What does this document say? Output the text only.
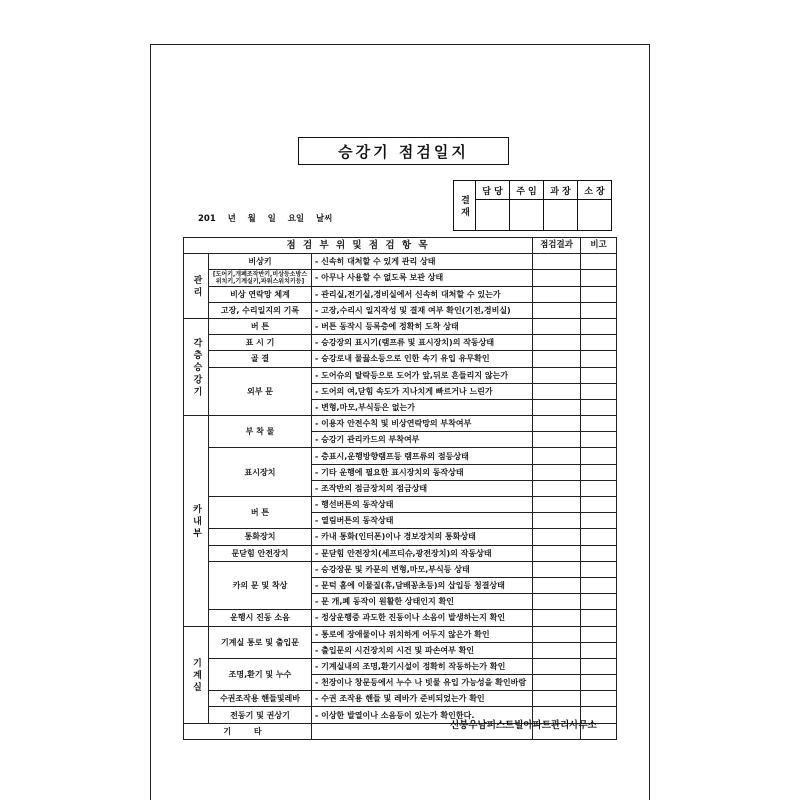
승강기 점검일지
결 재	담 당	주 임	과 장	소 장

201    년    월    일    요일    날씨
점 검 부 위 및 점 검 항 목			점검결과	비고
관 리	비상키	- 신속히 대처할 수 있게 관리 상태		
	[도어키,개폐조작반키,비상등소방스위치키,기계실키,파워스위치키등]	- 아무나 사용할 수 없도록 보관 상태		
	비상 연락망 체계	- 관리실,전기실,경비실에서 신속히 대처할 수 있는가		
	고장, 수리일지의 기록	- 고장,수리시 일지작성 및 결재 여부 확인(기전,경비실)		
각 층 승 강 기	버 튼	- 버튼 동작시 등록층에 정확히 도착 상태		
	표 시 기	- 승강장의 표시기(램프류 및 표시장치)의 작동상태		
	골 결	- 승강로내 물끓소등으로 인한 속기 유입 유무확인		
	외부 문	- 도어슈의 탈락등으로 도어가 앞,뒤로 흔들리지 않는가		
		- 도어의 여,닫힘 속도가 지나치게 빠르거나 느린가		
		- 변형,마모,부식등은 없는가		
카 내 부	부 착 물	- 이용자 안전수칙 및 비상연락망의 부착여부		
		- 승강기 관리카드의 부착여부		
	표시장치	- 층표시,운행방향램프등 램프류의 점등상태		
		- 기타 운행에 필요한 표시장치의 동작상태		
		- 조작반의 점금장치의 점금상태		
	버 튼	- 행선버튼의 동작상태		
		- 열림버튼의 동작상태		
	통화장치	- 카내 통화(인터폰)이나 경보장치의 통화상태		
	문닫힘 안전장치	- 문닫힘 안전장치(세프티슈,광전장치)의 작동상태		
	카의 문 및 착상	- 승강장문 및 카문의 변형,마모,부식등 상태		
		- 문턱 홈에 이물질(휴,담배꽁초등)의 삽입등 청결상태		
		- 문 개,폐 동작이 원활한 상태인지 확인		
	운행시 진동 소음	- 정상운행중 과도한 진동이나 소음이 발생하는지 확인		
기 계 실	기계실 통로 및 출입문	- 통로에 장애물이나 위치하게 어두지 않은가 확인		
		- 출입문의 시건장치의 시건 및 파손여부 확인		
	조명,환기 및 누수	- 기계실내의 조명,환기시설이 정확히 작동하는가 확인		
		- 천장이나 창문등에서 누수 나 빗물 유입 가능성을 확인바람		
	수권조작용 핸들및레바	- 수권 조작용 핸들 및 레바가 준비되었는가 확인		
	전동기 및 권상기	- 이상한 발열이나 소음등이 있는가 확인한다.		
기 타				
신봉우남퍼스트빌아파트관리사무소
